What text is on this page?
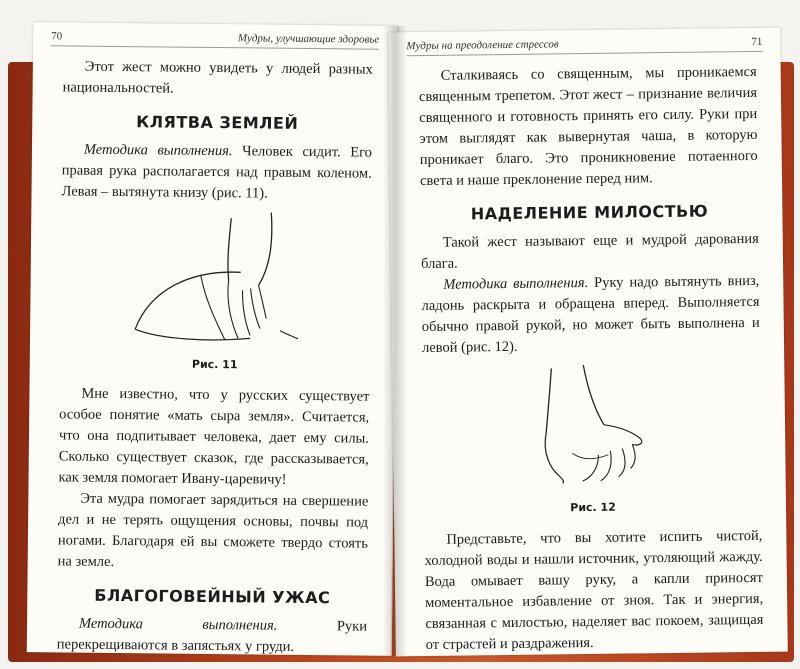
70	Мудры, улучшающие здоровье

Этот жест можно увидеть у людей разных национальностей.

КЛЯТВА ЗЕМЛЕЙ

Методика выполнения. Человек сидит. Его правая рука располагается над правым коленом. Левая – вытянута книзу (рис. 11).

Рис. 11

Мне известно, что у русских существует особое понятие «мать сыра земля». Считается, что она подпитывает человека, дает ему силы. Сколько существует сказок, где рассказывается, как земля помогает Ивану-царевичу!

Эта мудра помогает зарядиться на свершение дел и не терять ощущения основы, почвы под ногами. Благодаря ей вы сможете твердо стоять на земле.

БЛАГОГОВЕЙНЫЙ УЖАС

Методика выполнения. Руки перекрещиваются в запястьях у груди.

Мудры на преодоление стрессов	71

Сталкиваясь со священным, мы проникаемся священным трепетом. Этот жест – признание величия священного и готовность принять его силу. Руки при этом выглядят как вывернутая чаша, в которую проникает благо. Это проникновение потаенного света и наше преклонение перед ним.

НАДЕЛЕНИЕ МИЛОСТЬЮ

Такой жест называют еще и мудрой дарования блага.

Методика выполнения. Руку надо вытянуть вниз, ладонь раскрыта и обращена вперед. Выполняется обычно правой рукой, но может быть выполнена и левой (рис. 12).

Рис. 12

Представьте, что вы хотите испить чистой, холодной воды и нашли источник, утоляющий жажду. Вода омывает вашу руку, а капли приносят моментальное избавление от зноя. Так и энергия, связанная с милостью, наделяет вас покоем, защищая от страстей и раздражения.
